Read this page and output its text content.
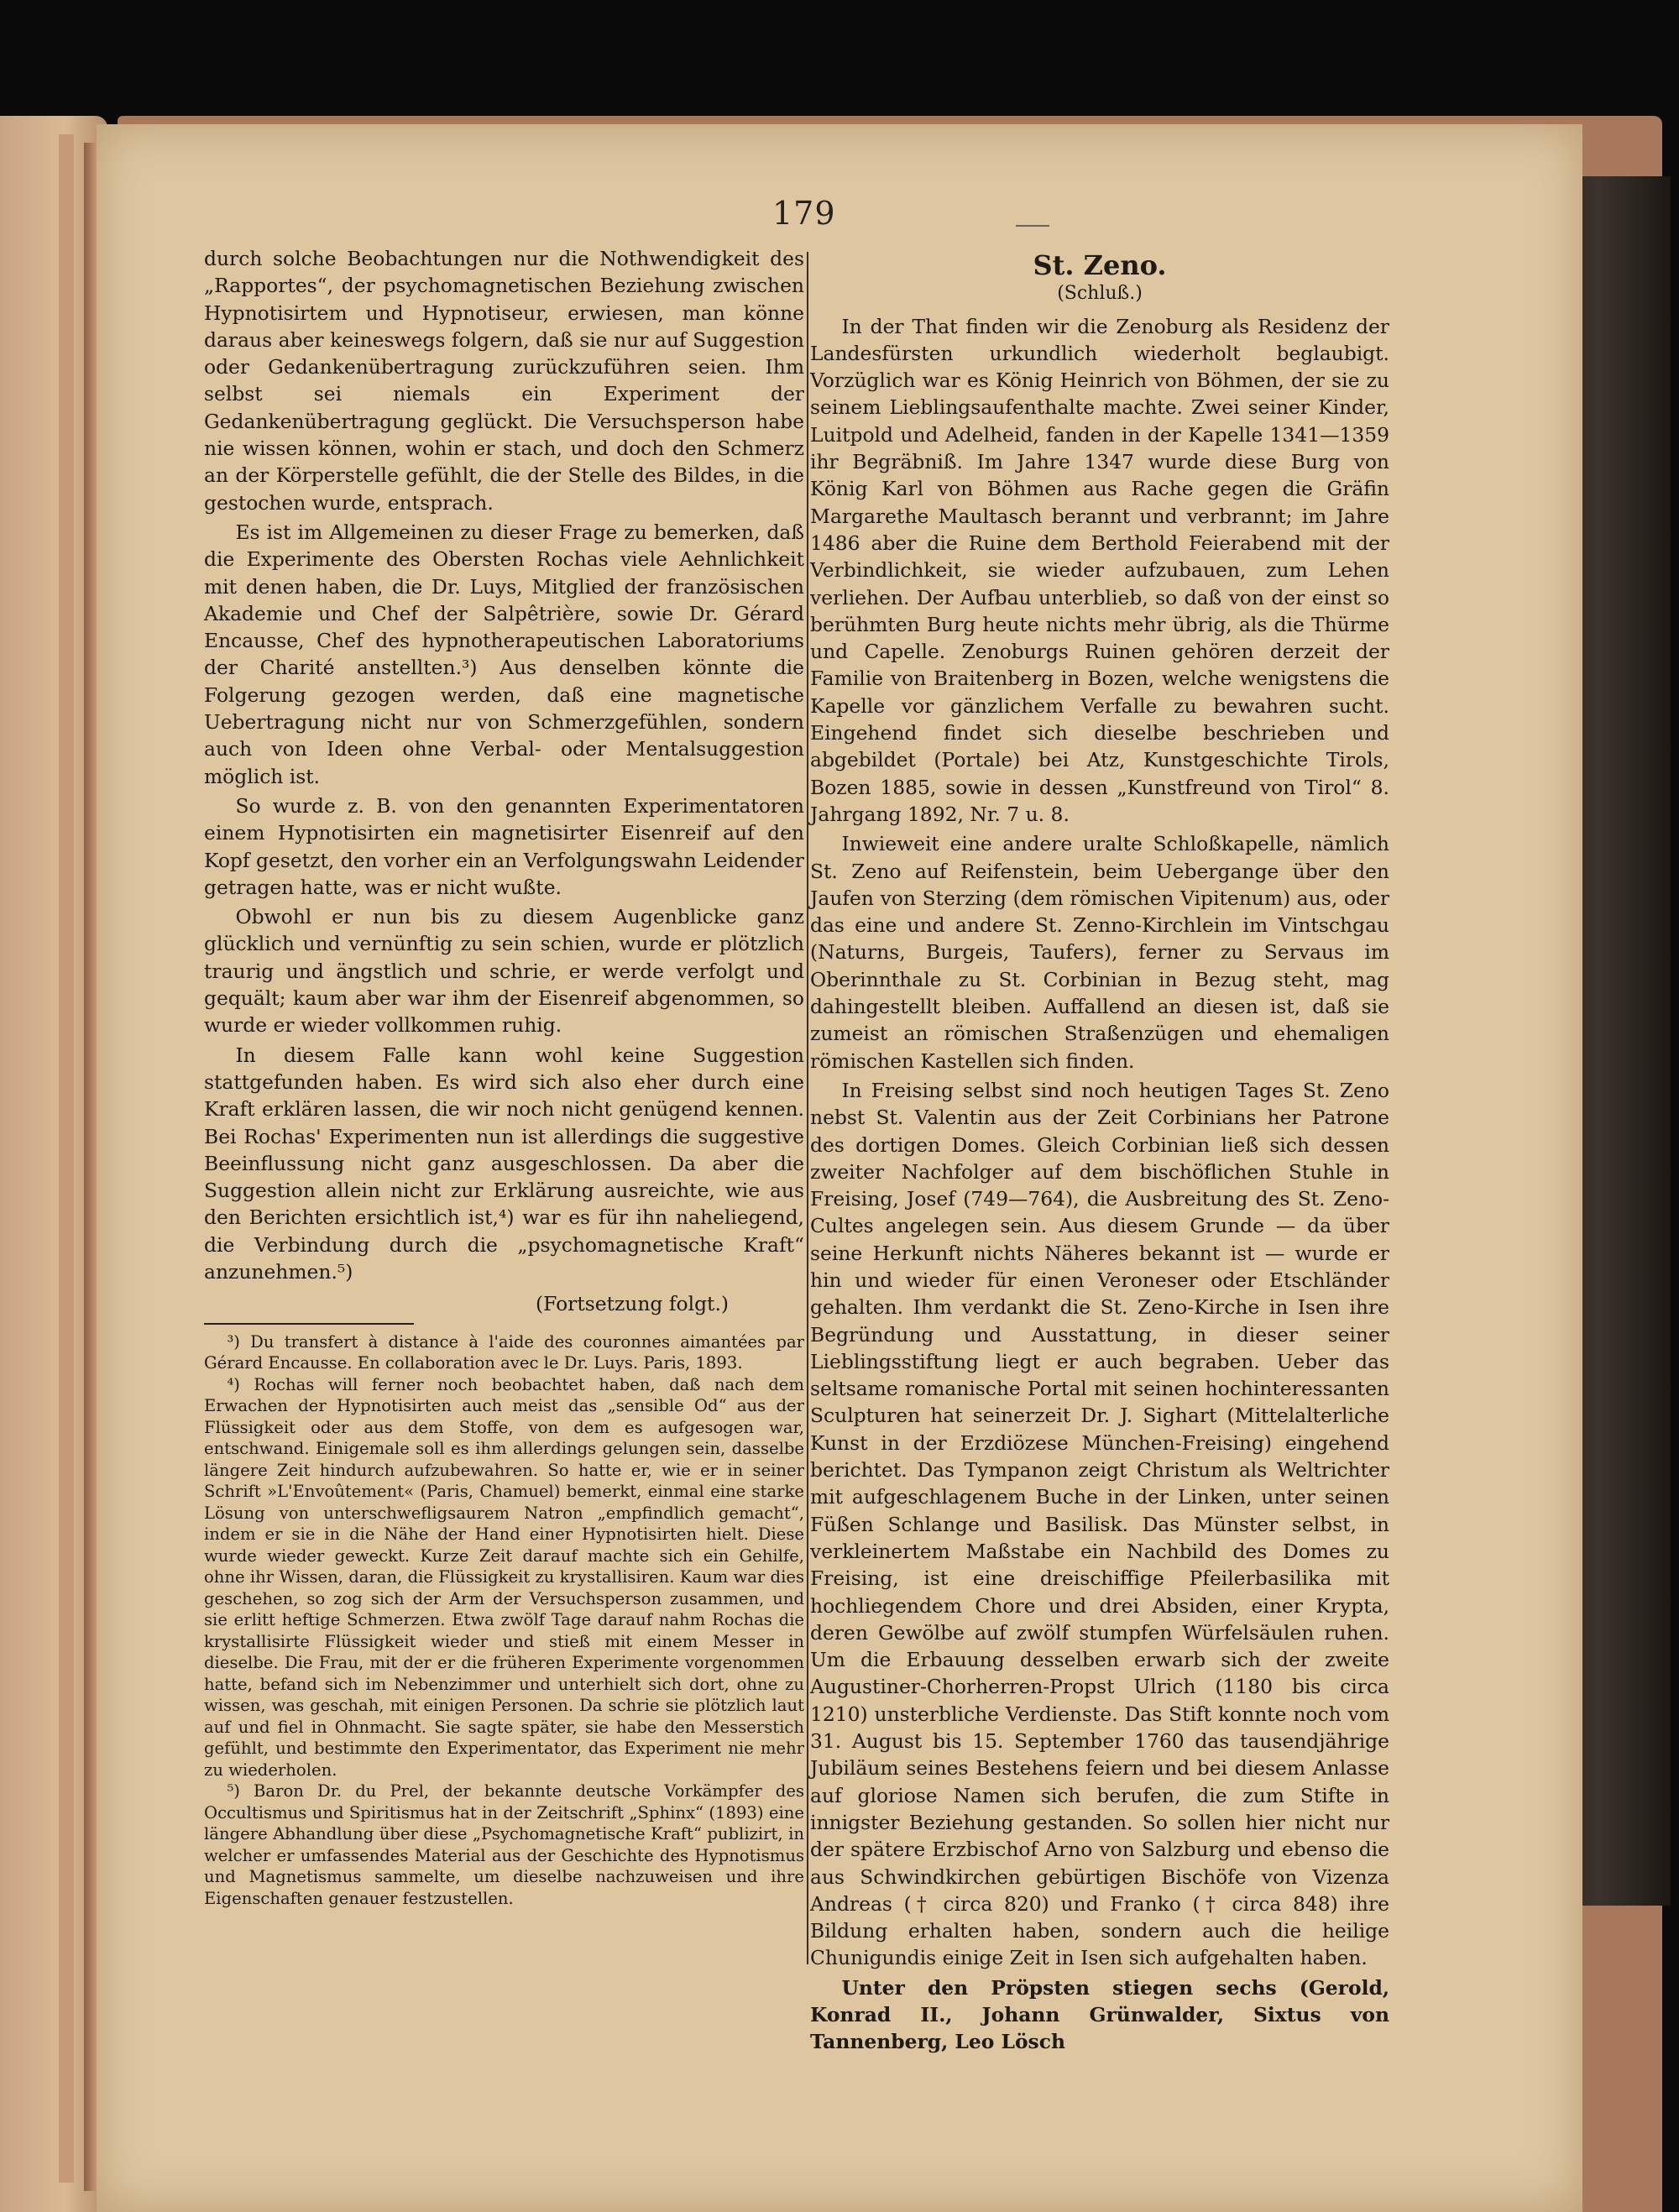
179

durch solche Beobachtungen nur die Nothwendigkeit des „Rapportes“, der psychomagnetischen Beziehung zwischen Hypnotisirtem und Hypnotiseur, erwiesen, man könne daraus aber keineswegs folgern, daß sie nur auf Suggestion oder Gedankenübertragung zurückzuführen seien. Ihm selbst sei niemals ein Experiment der Gedankenübertragung geglückt. Die Versuchsperson habe nie wissen können, wohin er stach, und doch den Schmerz an der Körperstelle gefühlt, die der Stelle des Bildes, in die gestochen wurde, entsprach.

Es ist im Allgemeinen zu dieser Frage zu bemerken, daß die Experimente des Obersten Rochas viele Aehnlichkeit mit denen haben, die Dr. Luys, Mitglied der französischen Akademie und Chef der Salpêtrière, sowie Dr. Gérard Encausse, Chef des hypnotherapeutischen Laboratoriums der Charité anstellten.³) Aus denselben könnte die Folgerung gezogen werden, daß eine magnetische Uebertragung nicht nur von Schmerzgefühlen, sondern auch von Ideen ohne Verbal- oder Mentalsuggestion möglich ist.

So wurde z. B. von den genannten Experimentatoren einem Hypnotisirten ein magnetisirter Eisenreif auf den Kopf gesetzt, den vorher ein an Verfolgungswahn Leidender getragen hatte, was er nicht wußte.

Obwohl er nun bis zu diesem Augenblicke ganz glücklich und vernünftig zu sein schien, wurde er plötzlich traurig und ängstlich und schrie, er werde verfolgt und gequält; kaum aber war ihm der Eisenreif abgenommen, so wurde er wieder vollkommen ruhig.

In diesem Falle kann wohl keine Suggestion stattgefunden haben. Es wird sich also eher durch eine Kraft erklären lassen, die wir noch nicht genügend kennen. Bei Rochas' Experimenten nun ist allerdings die suggestive Beeinflussung nicht ganz ausgeschlossen. Da aber die Suggestion allein nicht zur Erklärung ausreichte, wie aus den Berichten ersichtlich ist,⁴) war es für ihn naheliegend, die Verbindung durch die „psychomagnetische Kraft“ anzunehmen.⁵)

(Fortsetzung folgt.)

³) Du transfert à distance à l'aide des couronnes aimantées par Gérard Encausse. En collaboration avec le Dr. Luys. Paris, 1893.

⁴) Rochas will ferner noch beobachtet haben, daß nach dem Erwachen der Hypnotisirten auch meist das „sensible Od“ aus der Flüssigkeit oder aus dem Stoffe, von dem es aufgesogen war, entschwand. Einigemale soll es ihm allerdings gelungen sein, dasselbe längere Zeit hindurch aufzubewahren. So hatte er, wie er in seiner Schrift »L'Envoûtement« (Paris, Chamuel) bemerkt, einmal eine starke Lösung von unterschwefligsaurem Natron „empfindlich gemacht“, indem er sie in die Nähe der Hand einer Hypnotisirten hielt. Diese wurde wieder geweckt. Kurze Zeit darauf machte sich ein Gehilfe, ohne ihr Wissen, daran, die Flüssigkeit zu krystallisiren. Kaum war dies geschehen, so zog sich der Arm der Versuchsperson zusammen, und sie erlitt heftige Schmerzen. Etwa zwölf Tage darauf nahm Rochas die krystallisirte Flüssigkeit wieder und stieß mit einem Messer in dieselbe. Die Frau, mit der er die früheren Experimente vorgenommen hatte, befand sich im Nebenzimmer und unterhielt sich dort, ohne zu wissen, was geschah, mit einigen Personen. Da schrie sie plötzlich laut auf und fiel in Ohnmacht. Sie sagte später, sie habe den Messerstich gefühlt, und bestimmte den Experimentator, das Experiment nie mehr zu wiederholen.

⁵) Baron Dr. du Prel, der bekannte deutsche Vorkämpfer des Occultismus und Spiritismus hat in der Zeitschrift „Sphinx“ (1893) eine längere Abhandlung über diese „Psychomagnetische Kraft“ publizirt, in welcher er umfassendes Material aus der Geschichte des Hypnotismus und Magnetismus sammelte, um dieselbe nachzuweisen und ihre Eigenschaften genauer festzustellen.

St. Zeno.
(Schluß.)

In der That finden wir die Zenoburg als Residenz der Landesfürsten urkundlich wiederholt beglaubigt. Vorzüglich war es König Heinrich von Böhmen, der sie zu seinem Lieblingsaufenthalte machte. Zwei seiner Kinder, Luitpold und Adelheid, fanden in der Kapelle 1341—1359 ihr Begräbniß. Im Jahre 1347 wurde diese Burg von König Karl von Böhmen aus Rache gegen die Gräfin Margarethe Maultasch berannt und verbrannt; im Jahre 1486 aber die Ruine dem Berthold Feierabend mit der Verbindlichkeit, sie wieder aufzubauen, zum Lehen verliehen. Der Aufbau unterblieb, so daß von der einst so berühmten Burg heute nichts mehr übrig, als die Thürme und Capelle. Zenoburgs Ruinen gehören derzeit der Familie von Braitenberg in Bozen, welche wenigstens die Kapelle vor gänzlichem Verfalle zu bewahren sucht. Eingehend findet sich dieselbe beschrieben und abgebildet (Portale) bei Atz, Kunstgeschichte Tirols, Bozen 1885, sowie in dessen „Kunstfreund von Tirol“ 8. Jahrgang 1892, Nr. 7 u. 8.

Inwieweit eine andere uralte Schloßkapelle, nämlich St. Zeno auf Reifenstein, beim Uebergange über den Jaufen von Sterzing (dem römischen Vipitenum) aus, oder das eine und andere St. Zenno-Kirchlein im Vintschgau (Naturns, Burgeis, Taufers), ferner zu Servaus im Oberinnthale zu St. Corbinian in Bezug steht, mag dahingestellt bleiben. Auffallend an diesen ist, daß sie zumeist an römischen Straßenzügen und ehemaligen römischen Kastellen sich finden.

In Freising selbst sind noch heutigen Tages St. Zeno nebst St. Valentin aus der Zeit Corbinians her Patrone des dortigen Domes. Gleich Corbinian ließ sich dessen zweiter Nachfolger auf dem bischöflichen Stuhle in Freising, Josef (749—764), die Ausbreitung des St. Zeno-Cultes angelegen sein. Aus diesem Grunde — da über seine Herkunft nichts Näheres bekannt ist — wurde er hin und wieder für einen Veroneser oder Etschländer gehalten. Ihm verdankt die St. Zeno-Kirche in Isen ihre Begründung und Ausstattung, in dieser seiner Lieblingsstiftung liegt er auch begraben. Ueber das seltsame romanische Portal mit seinen hochinteressanten Sculpturen hat seinerzeit Dr. J. Sighart (Mittelalterliche Kunst in der Erzdiözese München-Freising) eingehend berichtet. Das Tympanon zeigt Christum als Weltrichter mit aufgeschlagenem Buche in der Linken, unter seinen Füßen Schlange und Basilisk. Das Münster selbst, in verkleinertem Maßstabe ein Nachbild des Domes zu Freising, ist eine dreischiffige Pfeilerbasilika mit hochliegendem Chore und drei Absiden, einer Krypta, deren Gewölbe auf zwölf stumpfen Würfelsäulen ruhen. Um die Erbauung desselben erwarb sich der zweite Augustiner-Chorherren-Propst Ulrich (1180 bis circa 1210) unsterbliche Verdienste. Das Stift konnte noch vom 31. August bis 15. September 1760 das tausendjährige Jubiläum seines Bestehens feiern und bei diesem Anlasse auf gloriose Namen sich berufen, die zum Stifte in innigster Beziehung gestanden. So sollen hier nicht nur der spätere Erzbischof Arno von Salzburg und ebenso die aus Schwindkirchen gebürtigen Bischöfe von Vizenza Andreas († circa 820) und Franko († circa 848) ihre Bildung erhalten haben, sondern auch die heilige Chunigundis einige Zeit in Isen sich aufgehalten haben.

Unter den Pröpsten stiegen sechs (Gerold, Konrad II., Johann Grünwalder, Sixtus von Tannenberg, Leo Lösch
